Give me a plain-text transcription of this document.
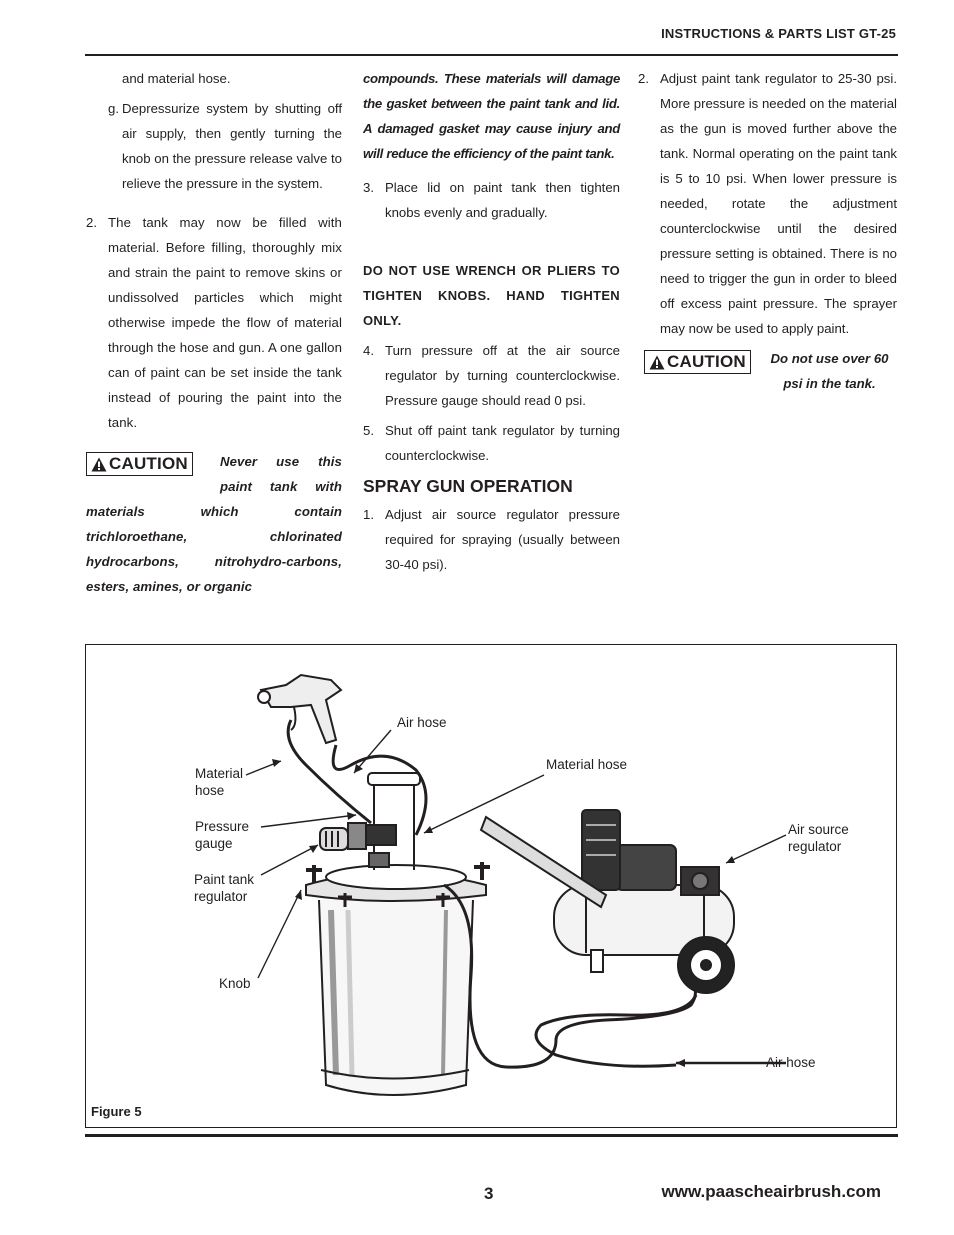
INSTRUCTIONS & PARTS LIST GT-25
and material hose.
g. Depressurize system by shutting off air supply, then gently turning the knob on the pressure release valve to relieve the pressure in the system.
2. The tank may now be filled with material. Before filling, thoroughly mix and strain the paint to remove skins or undissolved particles which might otherwise impede the flow of material through the hose and gun. A one gallon can of paint can be set inside the tank instead of pouring the paint into the tank.
CAUTION	Never use this paint tank with materials which contain trichloroethane, chlorinated hydrocarbons, nitrohydro-carbons, esters, amines, or organic
compounds. These materials will damage the gasket between the paint tank and lid. A damaged gasket may cause injury and will reduce the efficiency of the paint tank.
3. Place lid on paint tank then tighten knobs evenly and gradually.
DO NOT USE WRENCH OR PLIERS TO TIGHTEN KNOBS. HAND TIGHTEN ONLY.
4. Turn pressure off at the air source regulator by turning counterclockwise. Pressure gauge should read 0 psi.
5. Shut off paint tank regulator by turning counterclockwise.
SPRAY GUN OPERATION
1. Adjust air source regulator pressure required for spraying (usually between 30-40 psi).
2. Adjust paint tank regulator to 25-30 psi. More pressure is needed on the material as the gun is moved further above the tank. Normal operating on the paint tank is 5 to 10 psi. When lower pressure is needed, rotate the adjustment counterclockwise until the desired pressure setting is obtained. There is no need to trigger the gun in order to bleed off excess paint pressure. The sprayer may now be used to apply paint.
CAUTION	Do not use over 60 psi in the tank.
Air hose
Material hose
Material hose
Pressure gauge
Paint tank regulator
Knob
Air source regulator
Air hose
Figure 5
3	www.paascheairbrush.com
